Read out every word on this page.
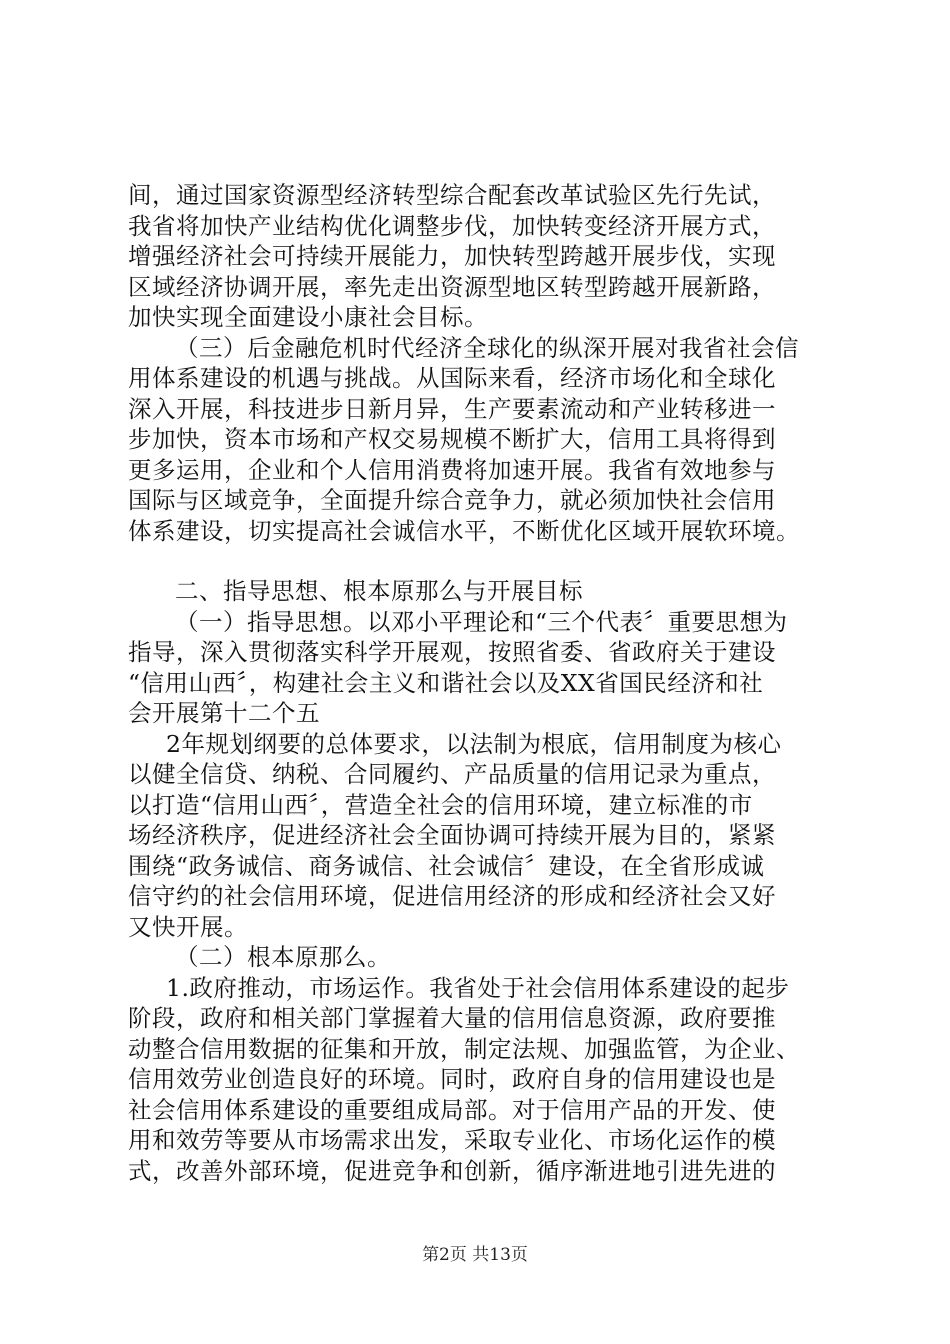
间，通过国家资源型经济转型综合配套改革试验区先行先试，
我省将加快产业结构优化调整步伐，加快转变经济开展方式，
增强经济社会可持续开展能力，加快转型跨越开展步伐，实现
区域经济协调开展，率先走出资源型地区转型跨越开展新路，
加快实现全面建设小康社会目标。
（三）后金融危机时代经济全球化的纵深开展对我省社会信
用体系建设的机遇与挑战。从国际来看，经济市场化和全球化
深入开展，科技进步日新月异，生产要素流动和产业转移进一
步加快，资本市场和产权交易规模不断扩大，信用工具将得到
更多运用，企业和个人信用消费将加速开展。我省有效地参与
国际与区域竞争，全面提升综合竞争力，就必须加快社会信用
体系建设，切实提高社会诚信水平，不断优化区域开展软环境。
二、指导思想、根本原那么与开展目标
（一）指导思想。以邓小平理论和“三个代表〞重要思想为
指导，深入贯彻落实科学开展观，按照省委、省政府关于建设
“信用山西〞，构建社会主义和谐社会以及XX省国民经济和社
会开展第十二个五
2年规划纲要的总体要求，以法制为根底，信用制度为核心
以健全信贷、纳税、合同履约、产品质量的信用记录为重点，
以打造“信用山西〞，营造全社会的信用环境，建立标准的市
场经济秩序，促进经济社会全面协调可持续开展为目的，紧紧
围绕“政务诚信、商务诚信、社会诚信〞建设，在全省形成诚
信守约的社会信用环境，促进信用经济的形成和经济社会又好
又快开展。
（二）根本原那么。
1.政府推动，市场运作。我省处于社会信用体系建设的起步
阶段，政府和相关部门掌握着大量的信用信息资源，政府要推
动整合信用数据的征集和开放，制定法规、加强监管，为企业、
信用效劳业创造良好的环境。同时，政府自身的信用建设也是
社会信用体系建设的重要组成局部。对于信用产品的开发、使
用和效劳等要从市场需求出发，采取专业化、市场化运作的模
式，改善外部环境，促进竞争和创新，循序渐进地引进先进的
第2页 共13页
